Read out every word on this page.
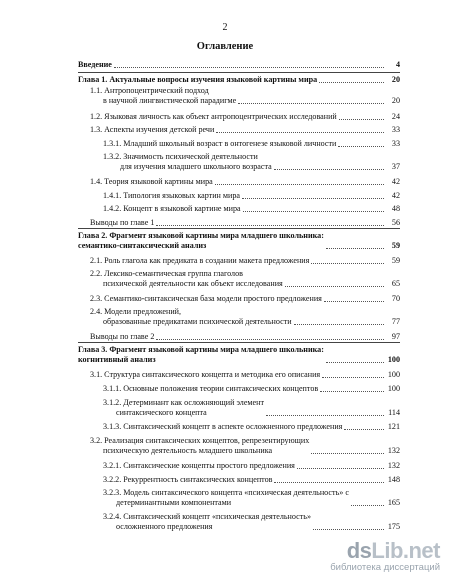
2
Оглавление
Введение	4
Глава 1. Актуальные вопросы изучения языковой картины мира	20
1.1. Антропоцентрический подход
в научной лингвистической парадигме	20
1.2. Языковая личность как объект антропоцентрических исследований	24
1.3. Аспекты изучения детской речи	33
1.3.1. Младший школьный возраст в онтогенезе языковой личности	33
1.3.2. Значимость психической деятельности
для изучения младшего школьного возраста	37
1.4. Теория языковой картины мира	42
1.4.1. Типология языковых картин мира	42
1.4.2. Концепт в языковой картине мира	48
Выводы по главе 1	56
Глава 2. Фрагмент языковой картины мира младшего школьника:
семантико-синтаксический анализ	59
2.1. Роль глагола как предиката в создании макета предложения	59
2.2. Лексико-семантическая группа глаголов
психической деятельности как объект исследования	65
2.3. Семантико-синтаксическая база модели простого предложения	70
2.4. Модели предложений,
образованные предикатами психической деятельности	77
Выводы по главе 2	97
Глава 3. Фрагмент языковой картины мира младшего школьника:
когнитивный анализ	100
3.1. Структура синтаксического концепта и методика его описания	100
3.1.1. Основные положения теории синтаксических концептов	100
3.1.2. Детерминант как осложняющий элемент
синтаксического концепта	114
3.1.3. Синтаксический концепт в аспекте осложненного предложения	121
3.2. Реализация синтаксических концептов, репрезентирующих
психическую деятельность младшего школьника	132
3.2.1. Синтаксические концепты простого предложения	132
3.2.2. Рекуррентность синтаксических концептов	148
3.2.3. Модель синтаксического концепта «психическая деятельность» с
детерминантными компонентами	165
3.2.4. Синтаксический концепт «психическая деятельность»
осложненного предложения	175
dsLib.net
библиотека диссертаций
